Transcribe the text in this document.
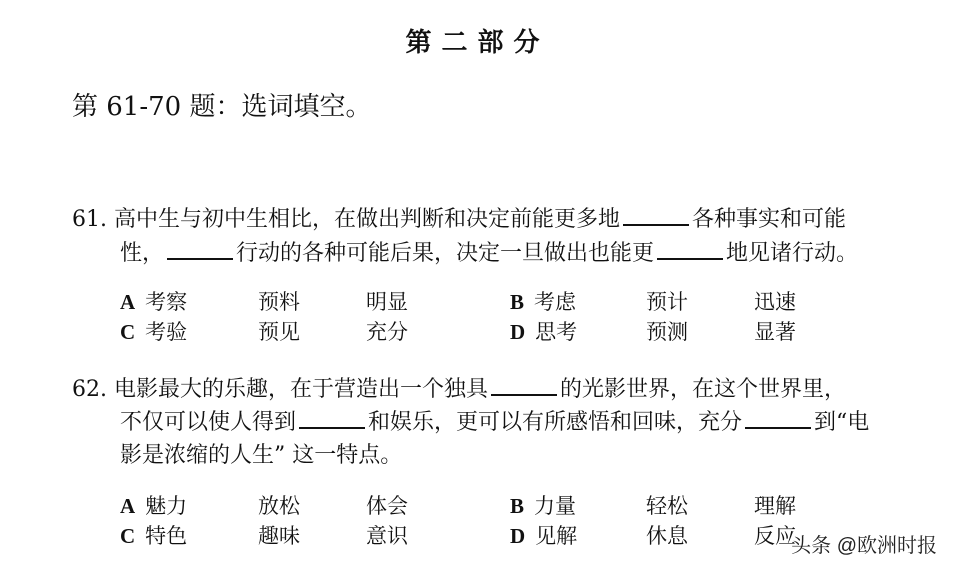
第二部分
第 61-70 题：选词填空。
61. 高中生与初中生相比，在做出判断和决定前能更多地	各种事实和可能
性，	行动的各种可能后果，决定一旦做出也能更	地见诸行动。
A 考察	预料	明显	B 考虑	预计	迅速
C 考验	预见	充分	D 思考	预测	显著
62. 电影最大的乐趣，在于营造出一个独具	的光影世界，在这个世界里，
不仅可以使人得到	和娱乐，更可以有所感悟和回味，充分	到“电
影是浓缩的人生” 这一特点。
A 魅力	放松	体会	B 力量	轻松	理解
C 特色	趣味	意识	D 见解	休息	反应
头条 @欧洲时报
